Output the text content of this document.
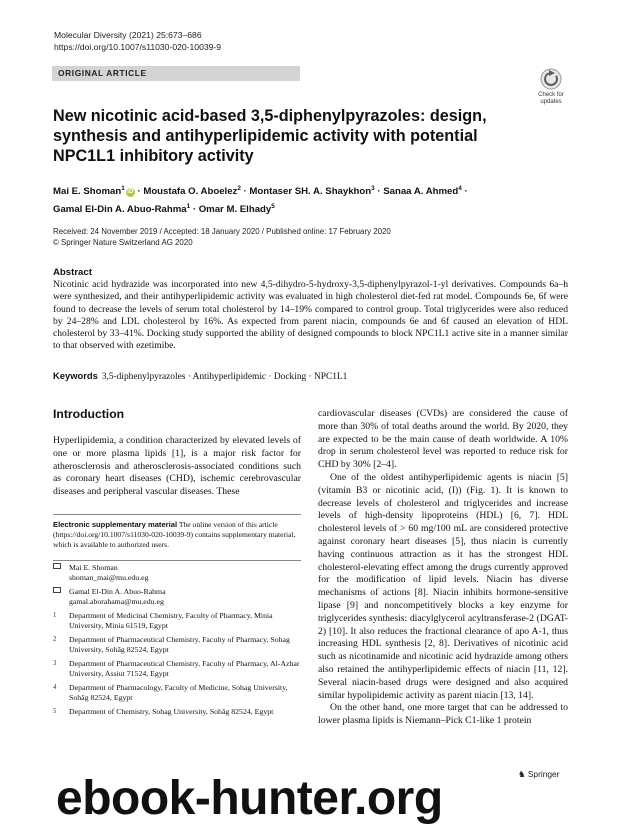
Molecular Diversity (2021) 25:673–686
https://doi.org/10.1007/s11030-020-10039-9
ORIGINAL ARTICLE
Check for updates
New nicotinic acid-based 3,5-diphenylpyrazoles: design, synthesis and antihyperlipidemic activity with potential NPC1L1 inhibitory activity
Mai E. Shoman$^1$iD · Moustafa O. Aboelez$^2$ · Montaser SH. A. Shaykhon$^3$ · Sanaa A. Ahmed$^4$ ·
Gamal El-Din A. Abuo-Rahma$^1$ · Omar M. Elhady$^5$
Received: 24 November 2019 / Accepted: 18 January 2020 / Published online: 17 February 2020
© Springer Nature Switzerland AG 2020
Abstract
Nicotinic acid hydrazide was incorporated into new 4,5-dihydro-5-hydroxy-3,5-diphenylpyrazol-1-yl derivatives. Compounds 6a–h were synthesized, and their antihyperlipidemic activity was evaluated in high cholesterol diet-fed rat model. Compounds 6e, 6f were found to decrease the levels of serum total cholesterol by 14–19% compared to control group. Total triglycerides were also reduced by 24–28% and LDL cholesterol by 16%. As expected from parent niacin, compounds 6e and 6f caused an elevation of HDL cholesterol by 33–41%. Docking study supported the ability of designed compounds to block NPC1L1 active site in a manner similar to that observed with ezetimibe.
Keywords 3,5-diphenylpyrazoles · Antihyperlipidemic · Docking · NPC1L1
Introduction

Hyperlipidemia, a condition characterized by elevated levels of one or more plasma lipids [1], is a major risk factor for atherosclerosis and atherosclerosis-associated conditions such as coronary heart diseases (CHD), ischemic cerebrovascular diseases and peripheral vascular diseases. These

cardiovascular diseases (CVDs) are considered the cause of more than 30% of total deaths around the world. By 2020, they are expected to be the main cause of death worldwide. A 10% drop in serum cholesterol level was reported to reduce risk for CHD by 30% [2–4].

One of the oldest antihyperlipidemic agents is niacin [5] (vitamin B3 or nicotinic acid, (I)) (Fig. 1). It is known to decrease levels of cholesterol and triglycerides and increase levels of high-density lipoproteins (HDL) [6, 7]. HDL cholesterol levels of > 60 mg/100 mL are considered protective against coronary heart diseases [5], thus niacin is currently having continuous attraction as it has the strongest HDL cholesterol-elevating effect among the drugs currently approved for the modification of lipid levels. Niacin has diverse mechanisms of actions [8]. Niacin inhibits hormone-sensitive lipase [9] and noncompetitively blocks a key enzyme for triglycerides synthesis: diacylglycerol acyltransferase-2 (DGAT-2) [10]. It also reduces the fractional clearance of apo A-1, thus increasing HDL synthesis [2, 8]. Derivatives of nicotinic acid such as nicotinamide and nicotinic acid hydrazide among others also retained the antihyperlipidemic effects of niacin [11, 12]. Several niacin-based drugs were designed and also acquired similar hypolipidemic activity as parent niacin [13, 14].

On the other hand, one more target that can be addressed to lower plasma lipids is Niemann–Pick C1-like 1 protein

Electronic supplementary material The online version of this article (https://doi.org/10.1007/s11030-020-10039-9) contains supplementary material, which is available to authorized users.
Mai E. Shoman
shoman_mai@mu.edu.eg
Gamal El-Din A. Abuo-Rahma
gamal.aborahama@mu.edu.eg
1 Department of Medicinal Chemistry, Faculty of Pharmacy, Minia University, Minia 61519, Egypt
2 Department of Pharmaceutical Chemistry, Faculty of Pharmacy, Sohag University, Sohâg 82524, Egypt
3 Department of Pharmaceutical Chemistry, Faculty of Pharmacy, Al-Azhar University, Assiut 71524, Egypt
4 Department of Pharmacology, Faculty of Medicine, Sohag University, Sohâg 82524, Egypt
5 Department of Chemistry, Sohag University, Sohâg 82524, Egypt
♞ Springer
ebook-hunter.org
